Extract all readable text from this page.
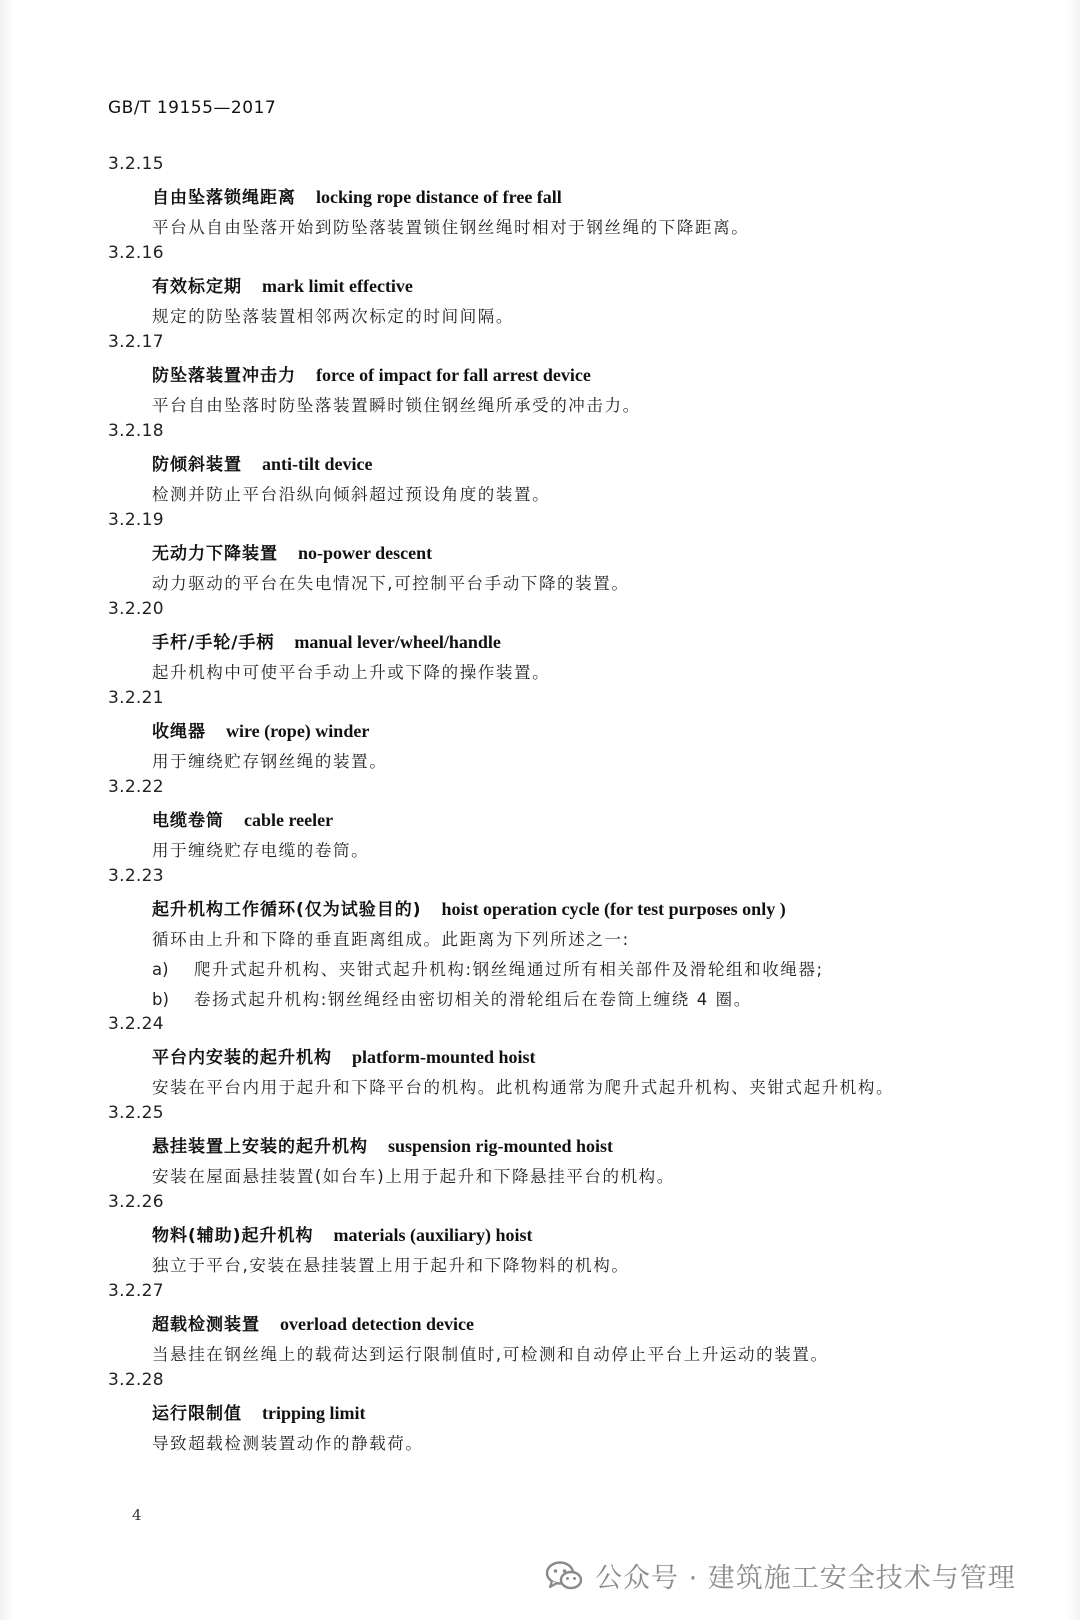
GB/T 19155—2017
3.2.15
自由坠落锁绳距离 locking rope distance of free fall
平台从自由坠落开始到防坠落装置锁住钢丝绳时相对于钢丝绳的下降距离。
3.2.16
有效标定期 mark limit effective
规定的防坠落装置相邻两次标定的时间间隔。
3.2.17
防坠落装置冲击力 force of impact for fall arrest device
平台自由坠落时防坠落装置瞬时锁住钢丝绳所承受的冲击力。
3.2.18
防倾斜装置 anti-tilt device
检测并防止平台沿纵向倾斜超过预设角度的装置。
3.2.19
无动力下降装置 no-power descent
动力驱动的平台在失电情况下,可控制平台手动下降的装置。
3.2.20
手杆/手轮/手柄 manual lever/wheel/handle
起升机构中可使平台手动上升或下降的操作装置。
3.2.21
收绳器 wire (rope) winder
用于缠绕贮存钢丝绳的装置。
3.2.22
电缆卷筒 cable reeler
用于缠绕贮存电缆的卷筒。
3.2.23
起升机构工作循环(仅为试验目的) hoist operation cycle (for test purposes only )
循环由上升和下降的垂直距离组成。此距离为下列所述之一:
a) 爬升式起升机构、夹钳式起升机构:钢丝绳通过所有相关部件及滑轮组和收绳器;
b) 卷扬式起升机构:钢丝绳经由密切相关的滑轮组后在卷筒上缠绕 4 圈。
3.2.24
平台内安装的起升机构 platform-mounted hoist
安装在平台内用于起升和下降平台的机构。此机构通常为爬升式起升机构、夹钳式起升机构。
3.2.25
悬挂装置上安装的起升机构 suspension rig-mounted hoist
安装在屋面悬挂装置(如台车)上用于起升和下降悬挂平台的机构。
3.2.26
物料(辅助)起升机构 materials (auxiliary) hoist
独立于平台,安装在悬挂装置上用于起升和下降物料的机构。
3.2.27
超载检测装置 overload detection device
当悬挂在钢丝绳上的载荷达到运行限制值时,可检测和自动停止平台上升运动的装置。
3.2.28
运行限制值 tripping limit
导致超载检测装置动作的静载荷。
4
公众号 · 建筑施工安全技术与管理
